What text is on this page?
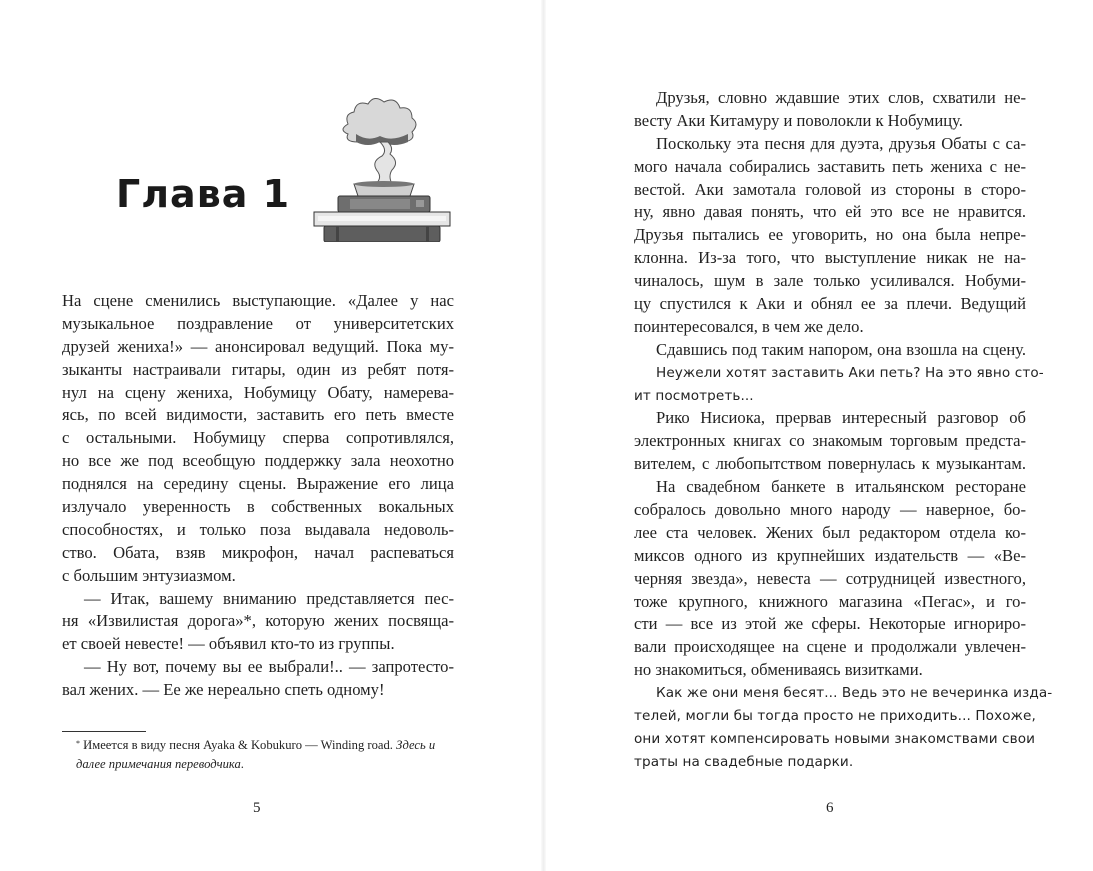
Глава 1
На сцене сменились выступающие. «Далее у нас
музыкальное поздравление от университетских
друзей жениха!» — анонсировал ведущий. Пока му-
зыканты настраивали гитары, один из ребят потя-
нул на сцену жениха, Нобумицу Обату, намерева-
ясь, по всей видимости, заставить его петь вместе
с остальными. Нобумицу сперва сопротивлялся,
но все же под всеобщую поддержку зала неохотно
поднялся на середину сцены. Выражение его лица
излучало уверенность в собственных вокальных
способностях, и только поза выдавала недоволь-
ство. Обата, взяв микрофон, начал распеваться
с большим энтузиазмом.
— Итак, вашему вниманию представляется пес-
ня «Извилистая дорога»*, которую жених посвяща-
ет своей невесте! — объявил кто-то из группы.
— Ну вот, почему вы ее выбрали!.. — запротесто-
вал жених. — Ее же нереально спеть одному!
* Имеется в виду песня Ayaka & Kobukuro — Winding road. Здесь и далее примечания переводчика.
5	6
Друзья, словно ждавшие этих слов, схватили не-
весту Аки Китамуру и поволокли к Нобумицу.
Поскольку эта песня для дуэта, друзья Обаты с са-
мого начала собирались заставить петь жениха с не-
вестой. Аки замотала головой из стороны в сторо-
ну, явно давая понять, что ей это все не нравится.
Друзья пытались ее уговорить, но она была непре-
клонна. Из-за того, что выступление никак не на-
чиналось, шум в зале только усиливался. Нобуми-
цу спустился к Аки и обнял ее за плечи. Ведущий
поинтересовался, в чем же дело.
Сдавшись под таким напором, она взошла на сцену.
Неужели хотят заставить Аки петь? На это явно сто-
ит посмотреть...
Рико Нисиока, прервав интересный разговор об
электронных книгах со знакомым торговым предста-
вителем, с любопытством повернулась к музыкантам.
На свадебном банкете в итальянском ресторане
собралось довольно много народу — наверное, бо-
лее ста человек. Жених был редактором отдела ко-
миксов одного из крупнейших издательств — «Ве-
черняя звезда», невеста — сотрудницей известного,
тоже крупного, книжного магазина «Пегас», и го-
сти — все из этой же сферы. Некоторые игнориро-
вали происходящее на сцене и продолжали увлечен-
но знакомиться, обмениваясь визитками.
Как же они меня бесят... Ведь это не вечеринка изда-
телей, могли бы тогда просто не приходить... Похоже,
они хотят компенсировать новыми знакомствами свои
траты на свадебные подарки.
